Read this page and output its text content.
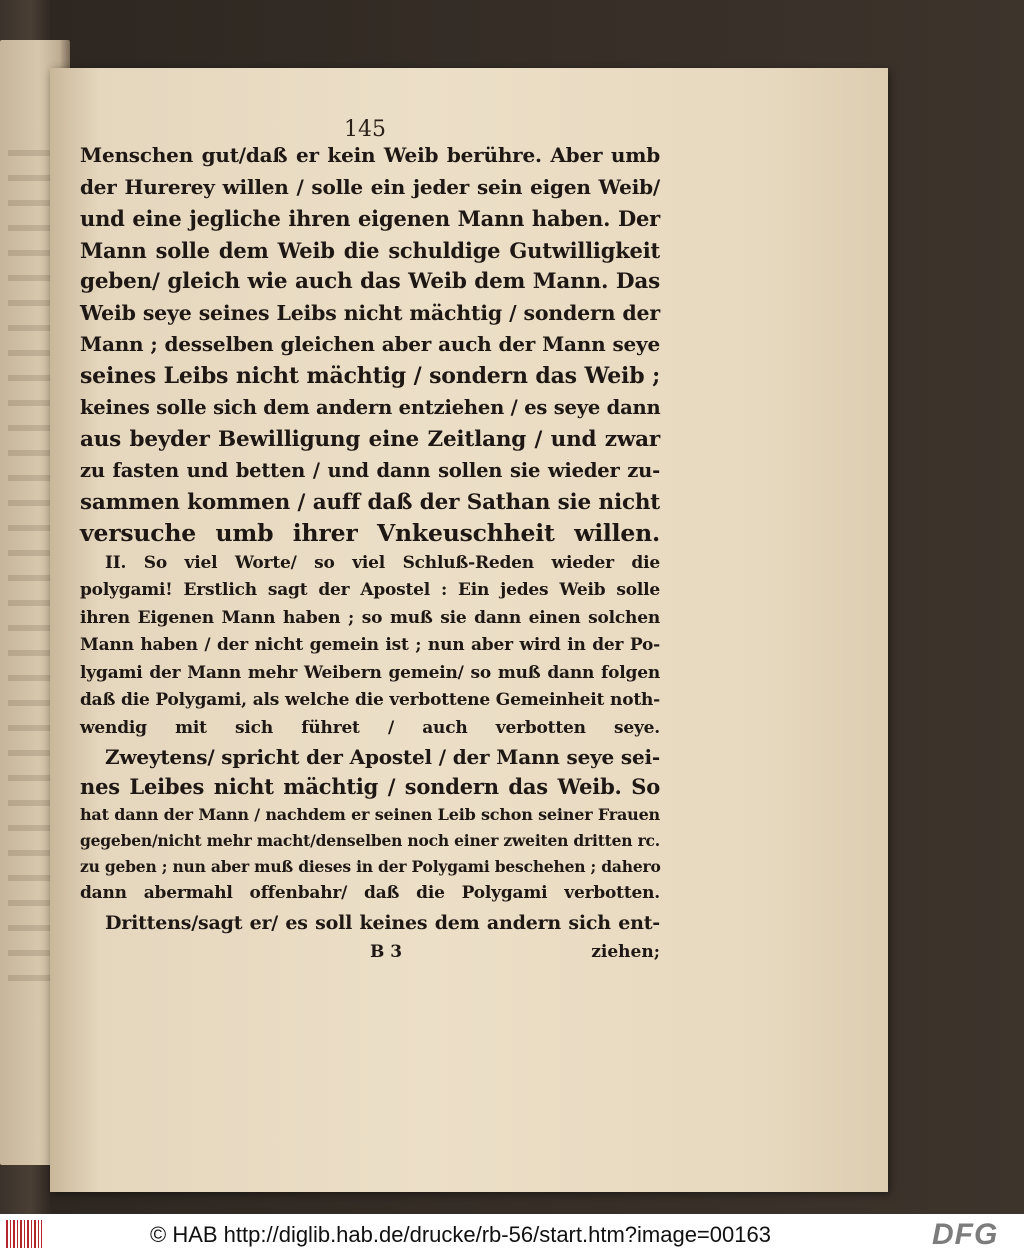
145
Menschen gut/daß er kein Weib berühre. Aber umb
der Hurerey willen / solle ein jeder sein eigen Weib/
und eine jegliche ihren eigenen Mann haben. Der
Mann solle dem Weib die schuldige Gutwilligkeit
geben/ gleich wie auch das Weib dem Mann. Das
Weib seye seines Leibs nicht mächtig / sondern der
Mann ; desselben gleichen aber auch der Mann seye
seines Leibs nicht mächtig / sondern das Weib ;
keines solle sich dem andern entziehen / es seye dann
aus beyder Bewilligung eine Zeitlang / und zwar
zu fasten und betten / und dann sollen sie wieder zu-
sammen kommen / auff daß der Sathan sie nicht
versuche umb ihrer Vnkeuschheit willen.
II. So viel Worte/ so viel Schluß-Reden wieder die
polygami! Erstlich sagt der Apostel : Ein jedes Weib solle
ihren Eigenen Mann haben ; so muß sie dann einen solchen
Mann haben / der nicht gemein ist ; nun aber wird in der Po-
lygami der Mann mehr Weibern gemein/ so muß dann folgen
daß die Polygami, als welche die verbottene Gemeinheit noth-
wendig mit sich führet / auch verbotten seye.
Zweytens/ spricht der Apostel / der Mann seye sei-
nes Leibes nicht mächtig / sondern das Weib. So
hat dann der Mann / nachdem er seinen Leib schon seiner Frauen
gegeben/nicht mehr macht/denselben noch einer zweiten dritten rc.
zu geben ; nun aber muß dieses in der Polygami beschehen ; dahero
dann abermahl offenbahr/ daß die Polygami verbotten.
Drittens/sagt er/ es soll keines dem andern sich ent-
B 3	ziehen;
© HAB http://diglib.hab.de/drucke/rb-56/start.htm?image=00163	DFG
